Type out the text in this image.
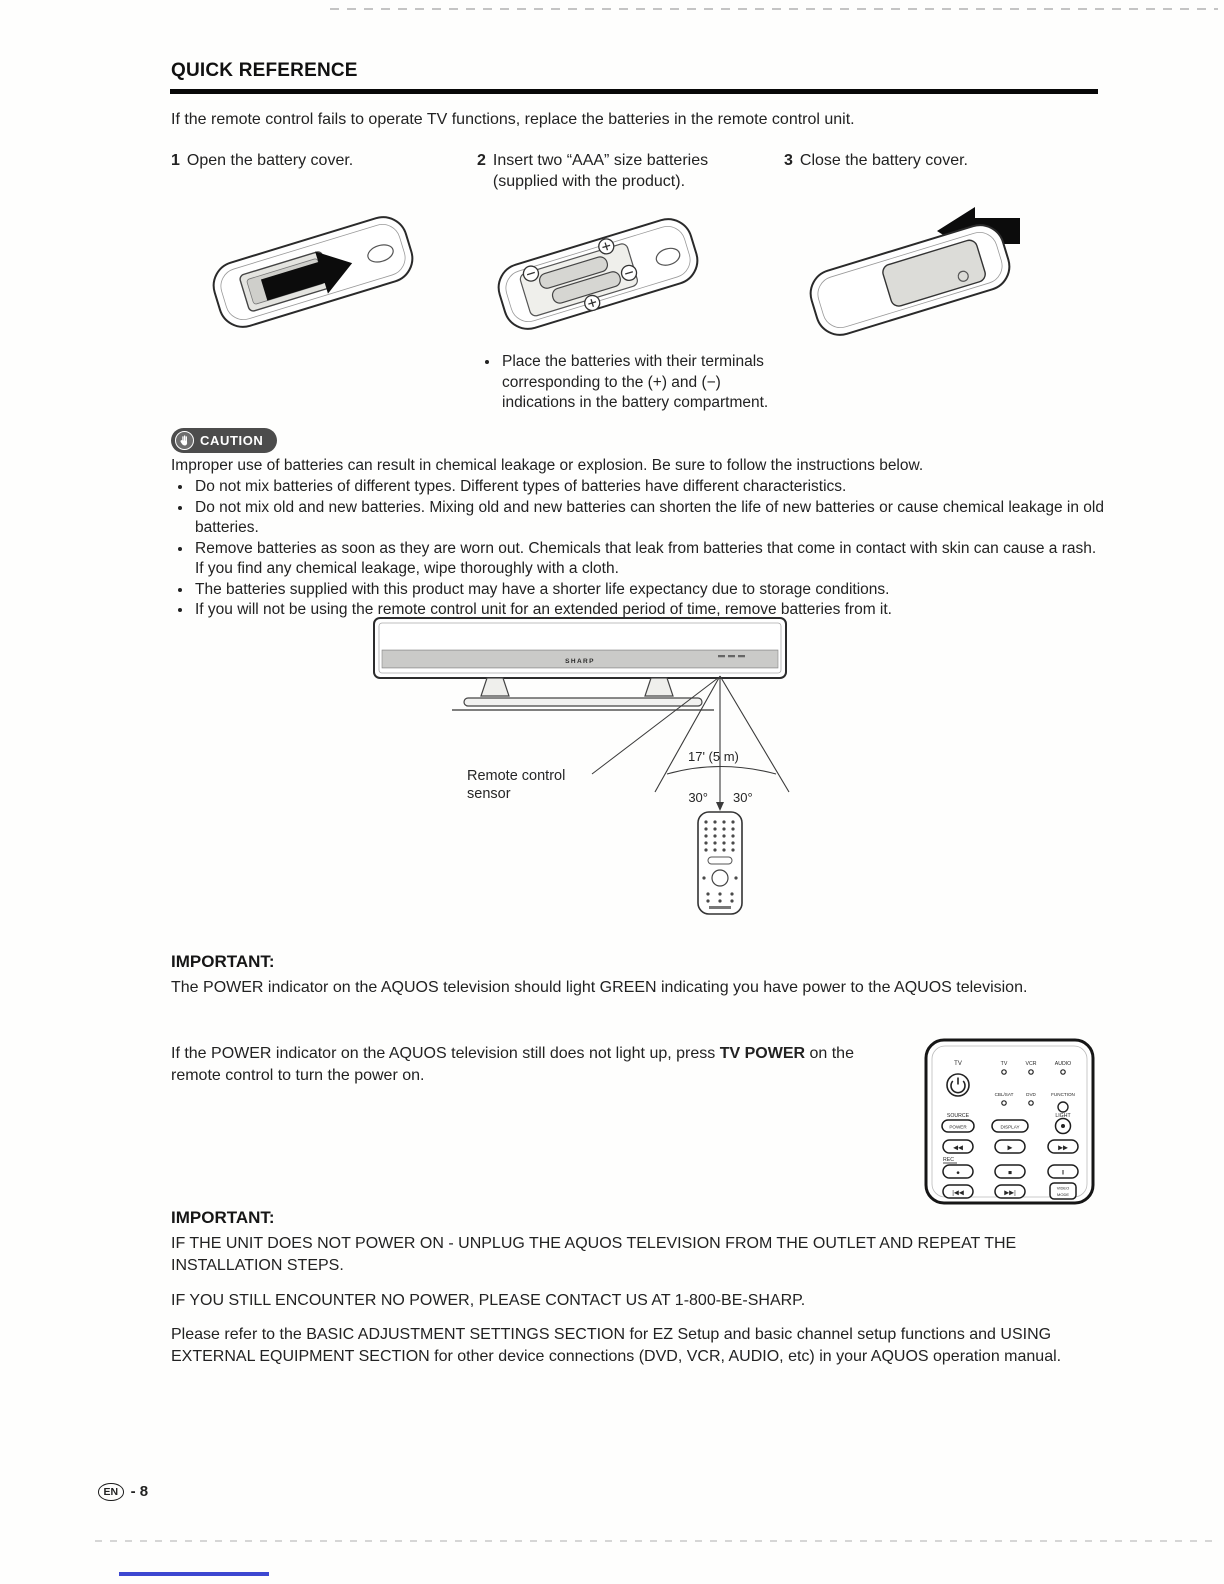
QUICK REFERENCE

If the remote control fails to operate TV functions, replace the batteries in the remote control unit.

1 Open the battery cover.	2 Insert two “AAA” size batteries (supplied with the product).

3 Close the battery cover.

• Place the batteries with their terminals corresponding to the (+) and (−) indications in the battery compartment.
CAUTION

Improper use of batteries can result in chemical leakage or explosion. Be sure to follow the instructions below.

• Do not mix batteries of different types. Different types of batteries have different characteristics.
• Do not mix old and new batteries. Mixing old and new batteries can shorten the life of new batteries or cause chemical leakage in old batteries.
• Remove batteries as soon as they are worn out. Chemicals that leak from batteries that come in contact with skin can cause a rash. If you find any chemical leakage, wipe thoroughly with a cloth.
• The batteries supplied with this product may have a shorter life expectancy due to storage conditions.
• If you will not be using the remote control unit for an extended period of time, remove batteries from it.
SHARP
17' (5 m)
30° 30°
Remote control
sensor
IMPORTANT:

The POWER indicator on the AQUOS television should light GREEN indicating you have power to the AQUOS television.

If the POWER indicator on the AQUOS television still does not light up, press TV POWER on the remote control to turn the power on.

TV	TV	VCR	AUDIO
CBL/SAT	DVD	FUNCTION
SOURCE	LIGHT
POWER	DISPLAY
◀◀	▶	▶▶
REC
●	■	‖
|◀◀	▶▶|
VIDEO
MODE
IMPORTANT:

IF THE UNIT DOES NOT POWER ON - UNPLUG THE AQUOS TELEVISION FROM THE OUTLET AND REPEAT THE INSTALLATION STEPS.

IF YOU STILL ENCOUNTER NO POWER, PLEASE CONTACT US AT 1-800-BE-SHARP.

Please refer to the BASIC ADJUSTMENT SETTINGS SECTION for EZ Setup and basic channel setup functions and USING EXTERNAL EQUIPMENT SECTION for other device connections (DVD, VCR, AUDIO, etc) in your AQUOS operation manual.

EN - 8
